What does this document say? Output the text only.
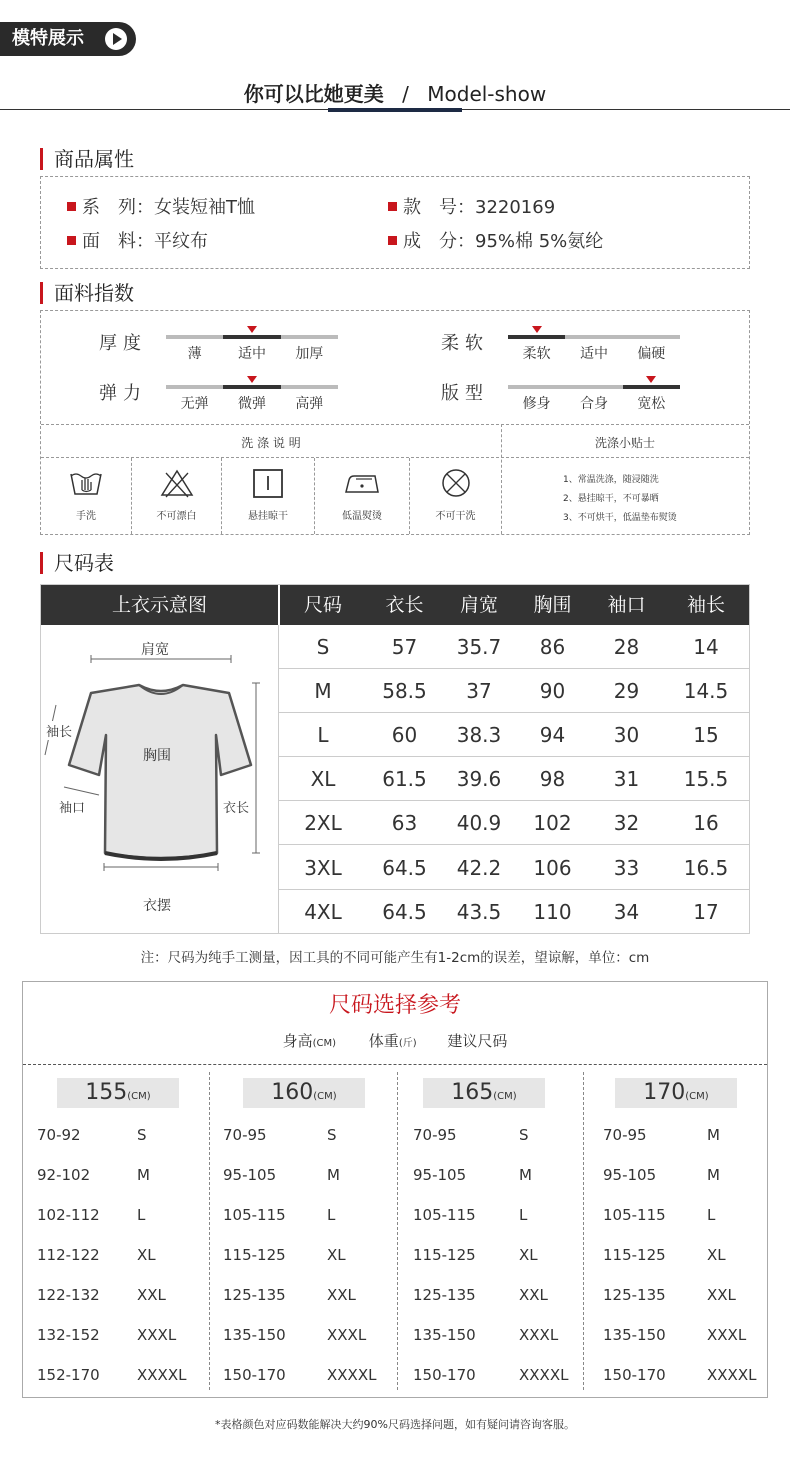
模特展示
你可以比她更美 / Model-show
商品属性
系　列：女装短袖T恤	款　号：3220169
面　料：平纹布	成　分：95%棉 5%氨纶
面料指数
厚度	薄	适中	加厚	柔软	柔软	适中	偏硬
弹力	无弹	微弹	高弹	版型	修身	合身	宽松
洗 涤 说 明	洗涤小贴士
手洗	不可漂白	悬挂晾干	低温熨烫	不可干洗
1、常温洗涤，随浸随洗
2、悬挂晾干，不可暴晒
3、不可烘干，低温垫布熨烫
尺码表
上衣示意图	尺码	衣长	肩宽	胸围	袖口	袖长
肩宽
袖长
胸围
袖口	衣长
衣摆
S	57	35.7	86	28	14
M	58.5	37	90	29	14.5
L	60	38.3	94	30	15
XL	61.5	39.6	98	31	15.5
2XL	63	40.9	102	32	16
3XL	64.5	42.2	106	33	16.5
4XL	64.5	43.5	110	34	17
注：尺码为纯手工测量，因工具的不同可能产生有1-2cm的误差，望谅解，单位：cm
尺码选择参考
身高(CM) 体重(斤) 建议尺码
155(CM)
70-92	S
92-102	M
102-112 L
112-122 XL
122-132 XXL
132-152 XXXL
152-170 XXXXL
160(CM)
70-95	S
95-105	M
105-115	L
115-125	XL
125-135	XXL
135-150	XXXL
150-170	XXXXL
165(CM)
70-95	S
95-105	M
105-115	L
115-125	XL
125-135	XXL
135-150	XXXL
150-170	XXXXL
170(CM)
70-95	M
95-105	M
105-115	L
115-125	XL
125-135	XXL
135-150	XXXL
150-170	XXXXL
*表格颜色对应码数能解决大约90%尺码选择问题，如有疑问请咨询客服。
